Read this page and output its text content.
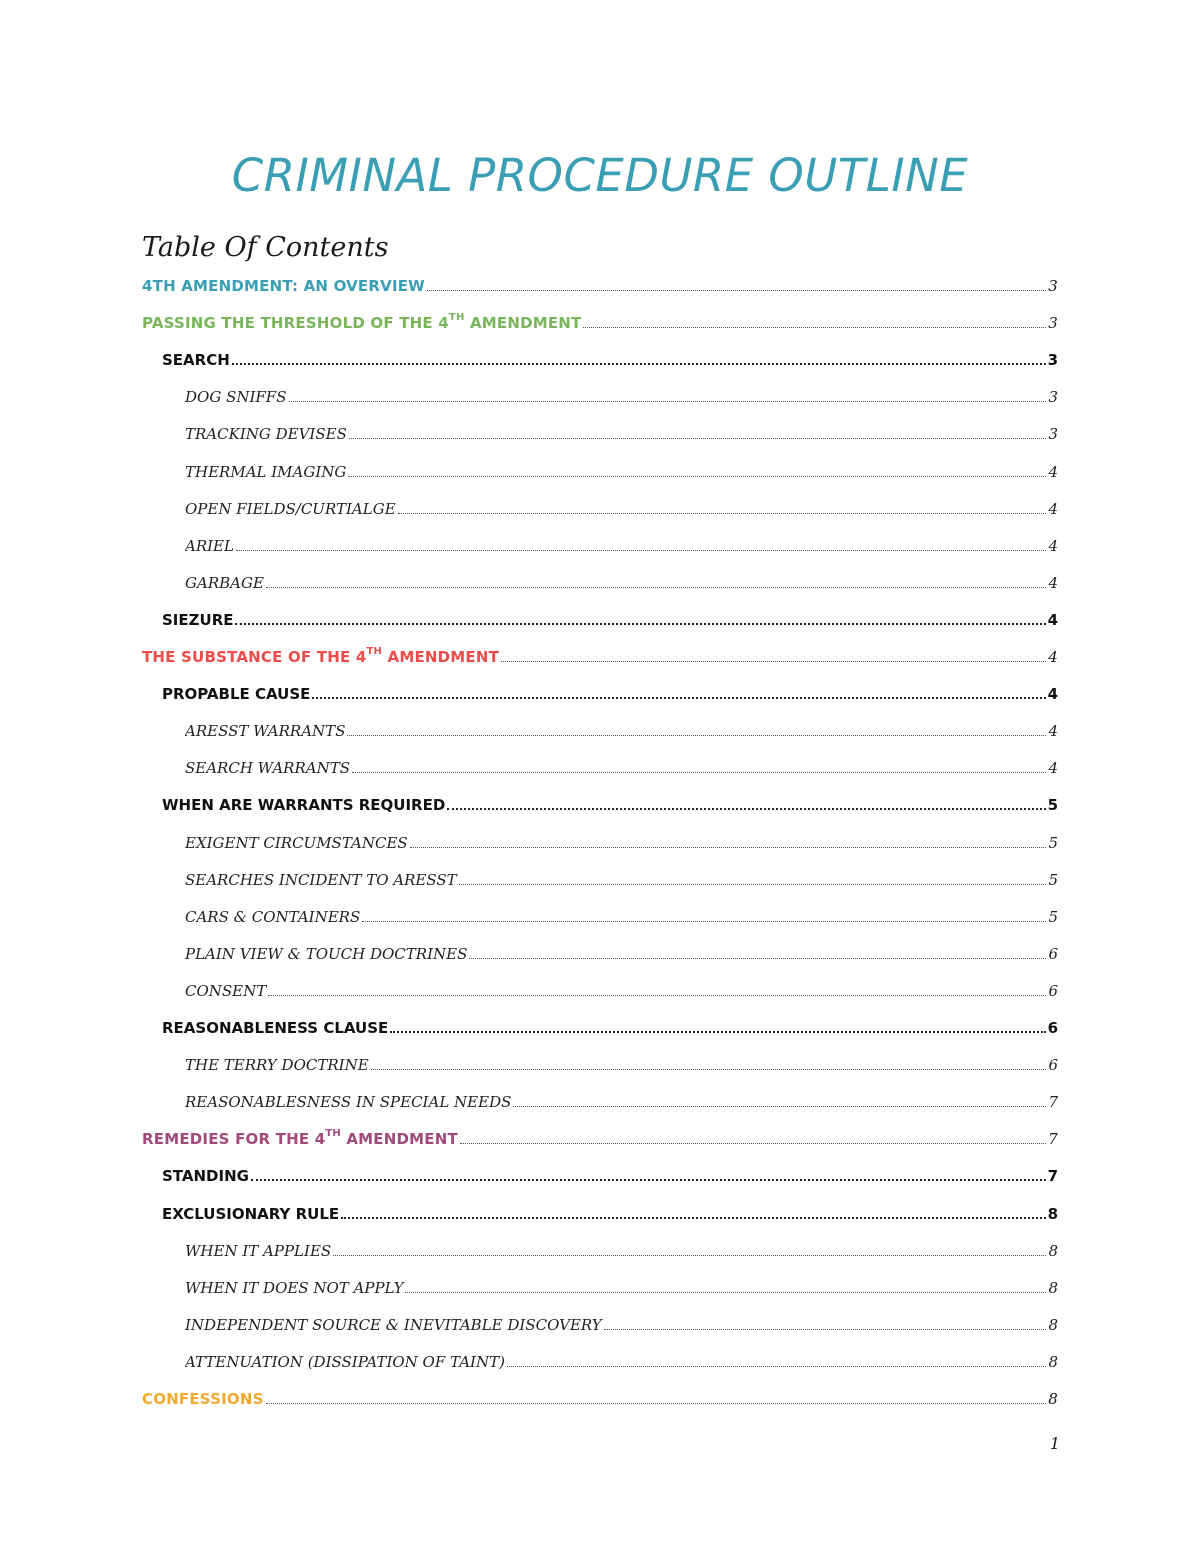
CRIMINAL PROCEDURE OUTLINE
Table Of Contents
4TH AMENDMENT: AN OVERVIEW	3
PASSING THE THRESHOLD OF THE 4TH AMENDMENT	3
SEARCH	3
DOG SNIFFS	3
TRACKING DEVISES	3
THERMAL IMAGING	4
OPEN FIELDS/CURTIALGE	4
ARIEL	4
GARBAGE	4
SIEZURE	4
THE SUBSTANCE OF THE 4TH AMENDMENT	4
PROPABLE CAUSE	4
ARESST WARRANTS	4
SEARCH WARRANTS	4
WHEN ARE WARRANTS REQUIRED	5
EXIGENT CIRCUMSTANCES	5
SEARCHES INCIDENT TO ARESST	5
CARS & CONTAINERS	5
PLAIN VIEW & TOUCH DOCTRINES	6
CONSENT	6
REASONABLENESS CLAUSE	6
THE TERRY DOCTRINE	6
REASONABLESNESS IN SPECIAL NEEDS	7
REMEDIES FOR THE 4TH AMENDMENT	7
STANDING	7
EXCLUSIONARY RULE	8
WHEN IT APPLIES	8
WHEN IT DOES NOT APPLY	8
INDEPENDENT SOURCE & INEVITABLE DISCOVERY	8
ATTENUATION (DISSIPATION OF TAINT)	8
CONFESSIONS	8
1
